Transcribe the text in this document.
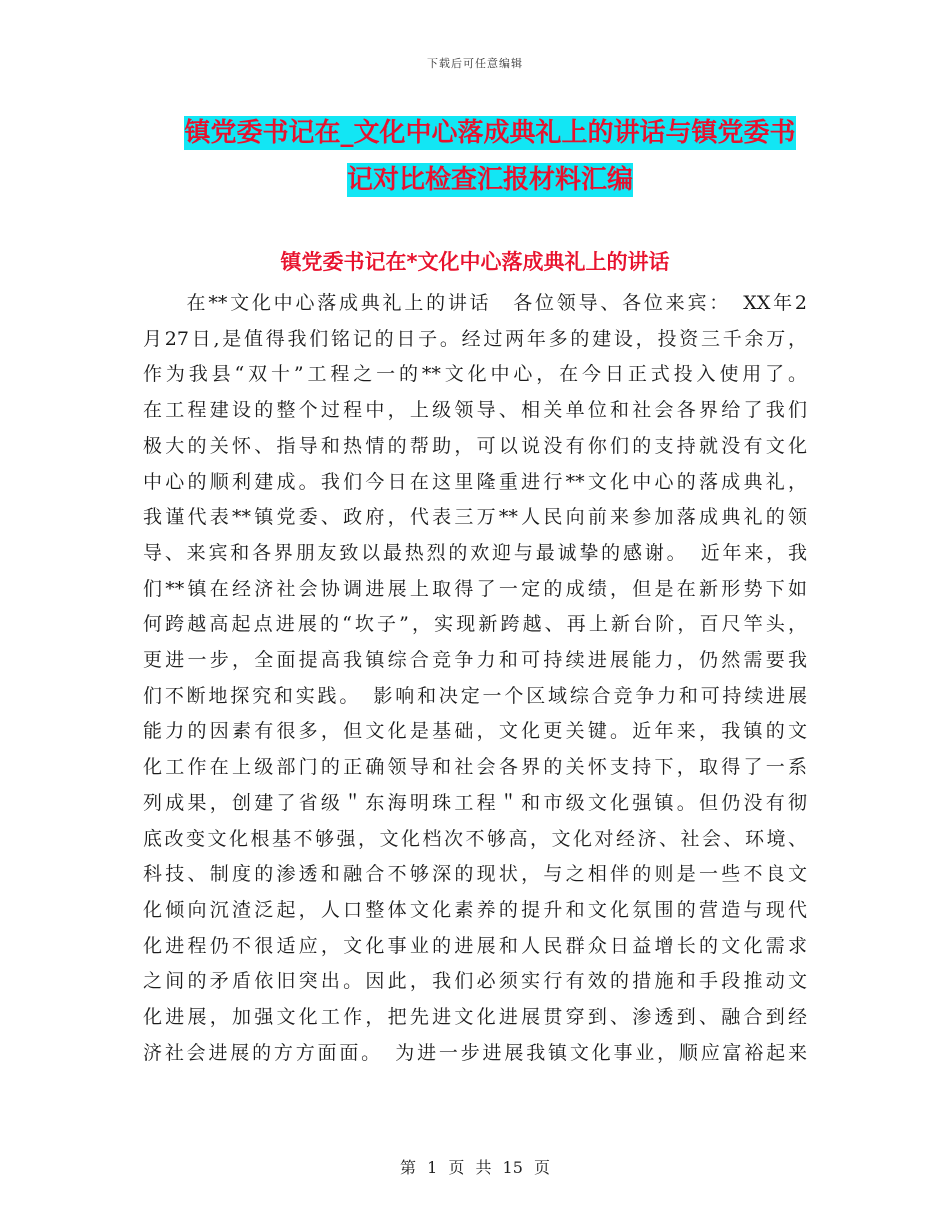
下载后可任意编辑
镇党委书记在_文化中心落成典礼上的讲话与镇党委书
记对比检查汇报材料汇编
镇党委书记在*文化中心落成典礼上的讲话
　　在**文化中心落成典礼上的讲话　各位领导、各位来宾：　XX年2
月27日,是值得我们铭记的日子。经过两年多的建设，投资三千余万，
作为我县“双十”工程之一的**文化中心，在今日正式投入使用了。
在工程建设的整个过程中，上级领导、相关单位和社会各界给了我们
极大的关怀、指导和热情的帮助，可以说没有你们的支持就没有文化
中心的顺利建成。我们今日在这里隆重进行**文化中心的落成典礼，
我谨代表**镇党委、政府，代表三万**人民向前来参加落成典礼的领
导、来宾和各界朋友致以最热烈的欢迎与最诚挚的感谢。　近年来，我
们**镇在经济社会协调进展上取得了一定的成绩，但是在新形势下如
何跨越高起点进展的“坎子”，实现新跨越、再上新台阶，百尺竿头，
更进一步，全面提高我镇综合竞争力和可持续进展能力，仍然需要我
们不断地探究和实践。　影响和决定一个区域综合竞争力和可持续进展
能力的因素有很多，但文化是基础，文化更关键。近年来，我镇的文
化工作在上级部门的正确领导和社会各界的关怀支持下，取得了一系
列成果，创建了省级＂东海明珠工程＂和市级文化强镇。但仍没有彻
底改变文化根基不够强，文化档次不够高，文化对经济、社会、环境、
科技、制度的渗透和融合不够深的现状，与之相伴的则是一些不良文
化倾向沉渣泛起，人口整体文化素养的提升和文化氛围的营造与现代
化进程仍不很适应，文化事业的进展和人民群众日益增长的文化需求
之间的矛盾依旧突出。因此，我们必须实行有效的措施和手段推动文
化进展，加强文化工作，把先进文化进展贯穿到、渗透到、融合到经
济社会进展的方方面面。　为进一步进展我镇文化事业，顺应富裕起来
第 1 页 共 15 页
